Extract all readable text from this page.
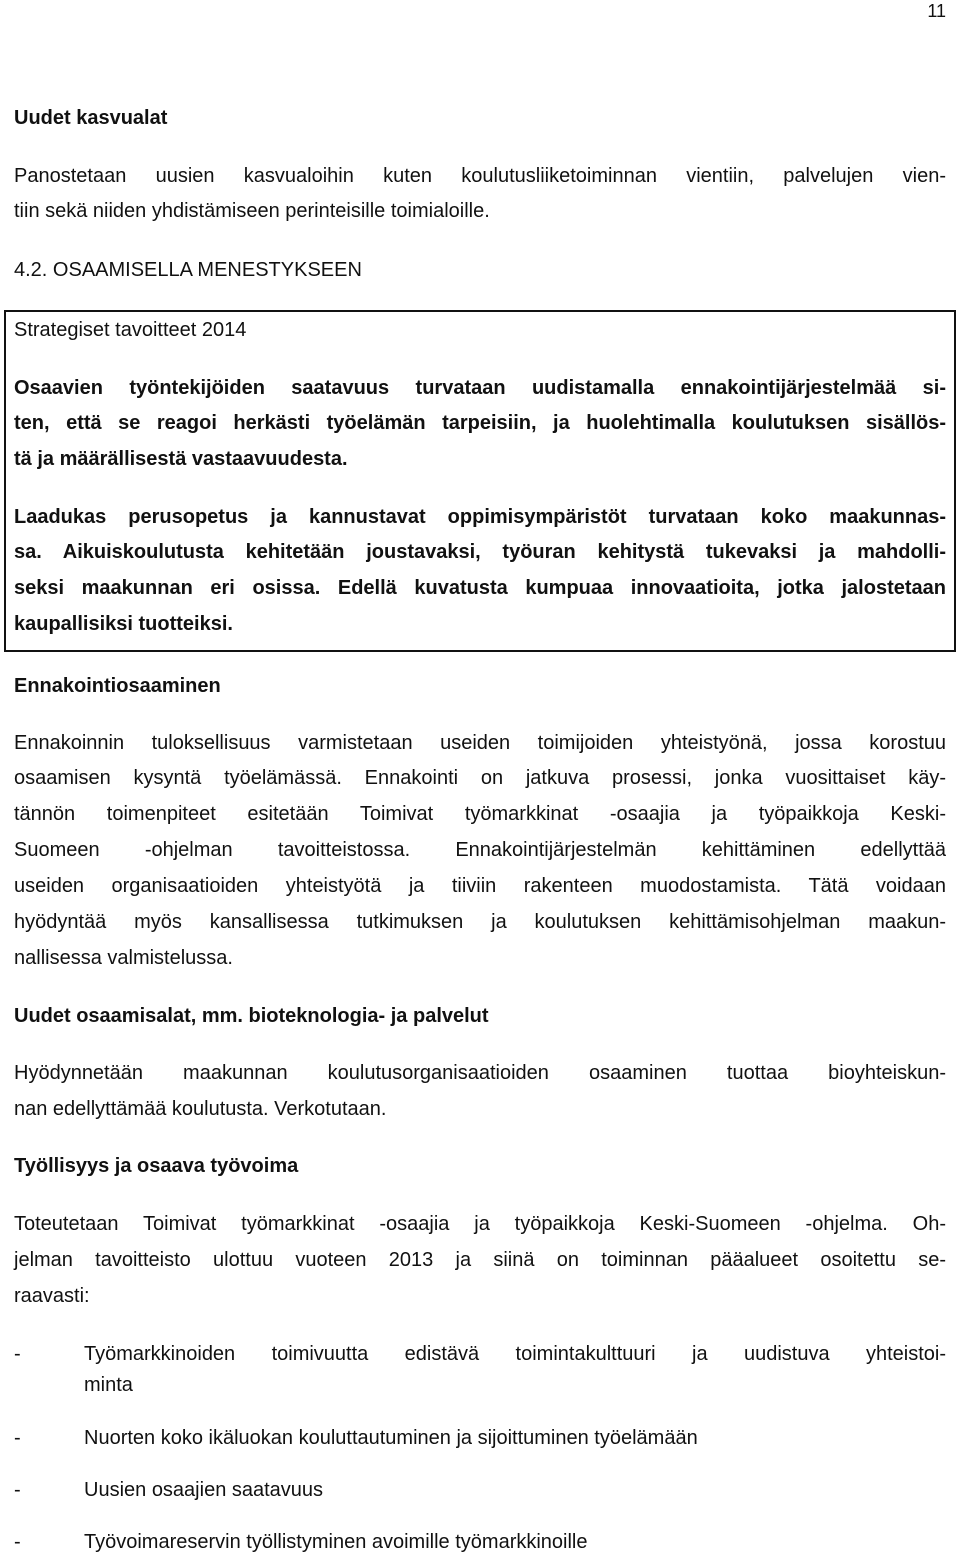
11
Uudet kasvualat
Panostetaan uusien kasvualoihin kuten koulutusliiketoiminnan vientiin, palvelujen vien-
tiin sekä niiden yhdistämiseen perinteisille toimialoille.
4.2. OSAAMISELLA MENESTYKSEEN
Strategiset tavoitteet 2014
Osaavien työntekijöiden saatavuus turvataan uudistamalla ennakointijärjestelmää si-
ten, että se reagoi herkästi työelämän tarpeisiin, ja huolehtimalla koulutuksen sisällös-
tä ja määrällisestä vastaavuudesta.
Laadukas perusopetus ja kannustavat oppimisympäristöt turvataan koko maakunnas-
sa. Aikuiskoulutusta kehitetään joustavaksi, työuran kehitystä tukevaksi ja mahdolli-
seksi maakunnan eri osissa. Edellä kuvatusta kumpuaa innovaatioita, jotka jalostetaan
kaupallisiksi tuotteiksi.
Ennakointiosaaminen
Ennakoinnin tuloksellisuus varmistetaan useiden toimijoiden yhteistyönä, jossa korostuu
osaamisen kysyntä työelämässä. Ennakointi on jatkuva prosessi, jonka vuosittaiset käy-
tännön toimenpiteet esitetään Toimivat työmarkkinat -osaajia ja työpaikkoja Keski-
Suomeen -ohjelman tavoitteistossa. Ennakointijärjestelmän kehittäminen edellyttää
useiden organisaatioiden yhteistyötä ja tiiviin rakenteen muodostamista. Tätä voidaan
hyödyntää myös kansallisessa tutkimuksen ja koulutuksen kehittämisohjelman maakun-
nallisessa valmistelussa.
Uudet osaamisalat, mm. bioteknologia- ja palvelut
Hyödynnetään maakunnan koulutusorganisaatioiden osaaminen tuottaa bioyhteiskun-
nan edellyttämää koulutusta. Verkotutaan.
Työllisyys ja osaava työvoima
Toteutetaan Toimivat työmarkkinat -osaajia ja työpaikkoja Keski-Suomeen -ohjelma. Oh-
jelman tavoitteisto ulottuu vuoteen 2013 ja siinä on toiminnan pääalueet osoitettu se-
raavasti:
-	Työmarkkinoiden toimivuutta edistävä toimintakulttuuri ja uudistuva yhteistoi-
minta
-	Nuorten koko ikäluokan kouluttautuminen ja sijoittuminen työelämään
-	Uusien osaajien saatavuus
-	Työvoimareservin työllistyminen avoimille työmarkkinoille
